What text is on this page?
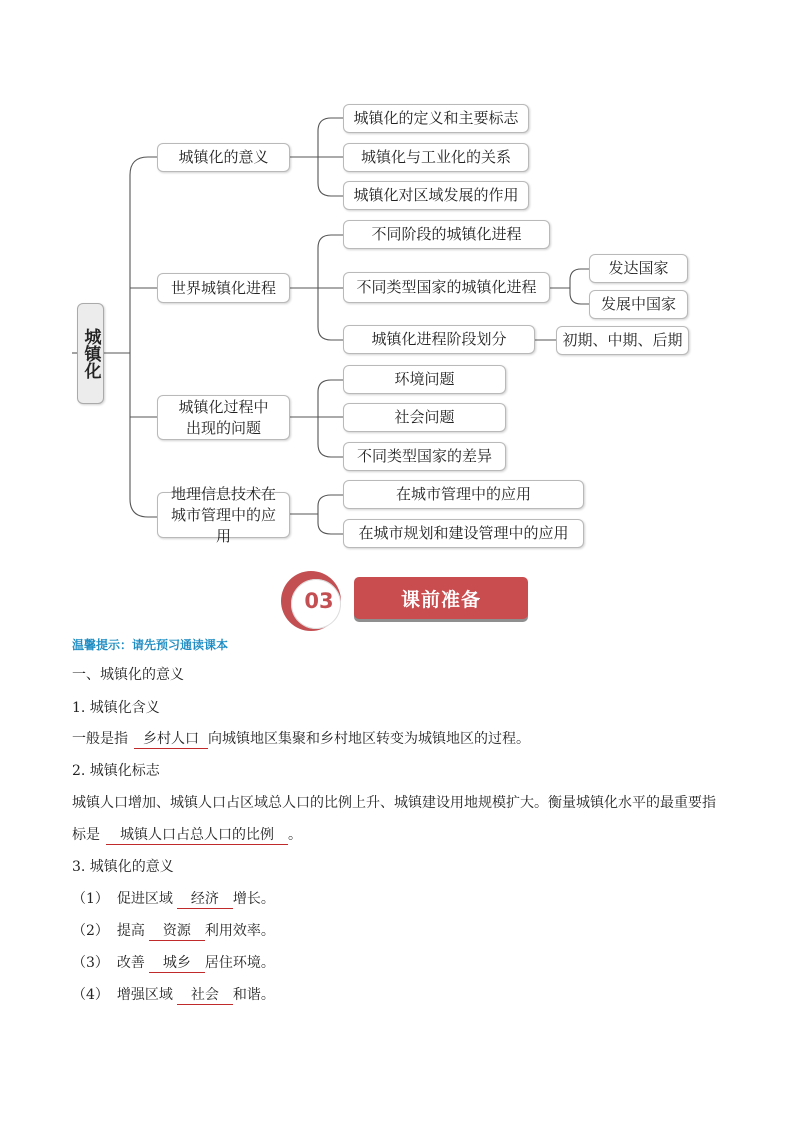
城镇化
城镇化的意义
世界城镇化进程
城镇化过程中出现的问题
地理信息技术在城市管理中的应用
城镇化的定义和主要标志
城镇化与工业化的关系
城镇化对区域发展的作用
不同阶段的城镇化进程
不同类型国家的城镇化进程
城镇化进程阶段划分
发达国家
发展中国家
初期、中期、后期
环境问题
社会问题
不同类型国家的差异
在城市管理中的应用
在城市规划和建设管理中的应用
03	课前准备
温馨提示：请先预习通读课本
一、城镇化的意义
1. 城镇化含义
一般是指 乡村人口 向城镇地区集聚和乡村地区转变为城镇地区的过程。
2. 城镇化标志
城镇人口增加、城镇人口占区域总人口的比例上升、城镇建设用地规模扩大。衡量城镇化水平的最重要指
标是 城镇人口占总人口的比例 。
3. 城镇化的意义
（1） 促进区域 经济 增长。
（2） 提高 资源 利用效率。
（3） 改善 城乡 居住环境。
（4） 增强区域 社会 和谐。
